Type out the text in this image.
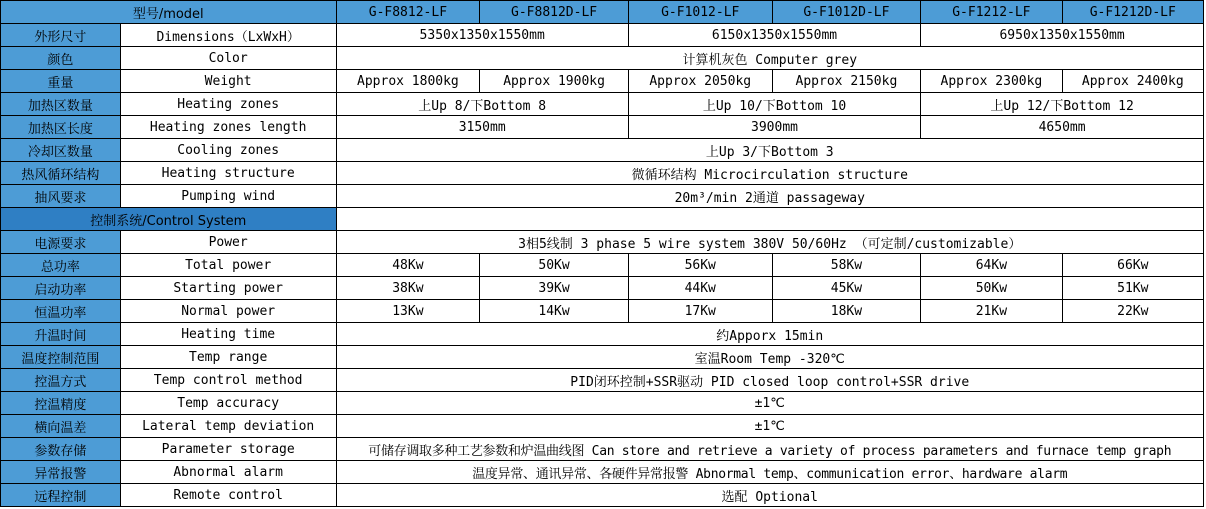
型号/model		G-F8812-LF	G-F8812D-LF	G-F1012-LF	G-F1012D-LF	G-F1212-LF	G-F1212D-LF
外形尺寸	Dimensions（LxWxH）	5350x1350x1550mm		6150x1350x1550mm		6950x1350x1550mm	
颜色	Color	计算机灰色 Computer grey					
重量	Weight	Approx 1800kg	Approx 1900kg	Approx 2050kg	Approx 2150kg	Approx 2300kg	Approx 2400kg
加热区数量	Heating zones	上Up 8/下Bottom 8		上Up 10/下Bottom 10		上Up 12/下Bottom 12	
加热区长度	Heating zones length	3150mm		3900mm		4650mm	
冷却区数量	Cooling zones	上Up 3/下Bottom 3					
热风循环结构	Heating structure	微循环结构 Microcirculation structure					
抽风要求	Pumping wind	20m³/min 2通道 passageway					
控制系统/Control System							
电源要求	Power	3相5线制 3 phase 5 wire system 380V 50/60Hz （可定制/customizable）					
总功率	Total power	48Kw	50Kw	56Kw	58Kw	64Kw	66Kw
启动功率	Starting power	38Kw	39Kw	44Kw	45Kw	50Kw	51Kw
恒温功率	Normal power	13Kw	14Kw	17Kw	18Kw	21Kw	22Kw
升温时间	Heating time	约Apporx 15min					
温度控制范围	Temp range	室温Room Temp -320℃					
控温方式	Temp control method	PID闭环控制+SSR驱动 PID closed loop control+SSR drive					
控温精度	Temp accuracy	±1℃					
横向温差	Lateral temp deviation	±1℃					
参数存储	Parameter storage	可储存调取多种工艺参数和炉温曲线图 Can store and retrieve a variety of process parameters and furnace temp graph					
异常报警	Abnormal alarm	温度异常、通讯异常、各硬件异常报警 Abnormal temp、communication error、hardware alarm					
远程控制	Remote control	选配 Optional					
